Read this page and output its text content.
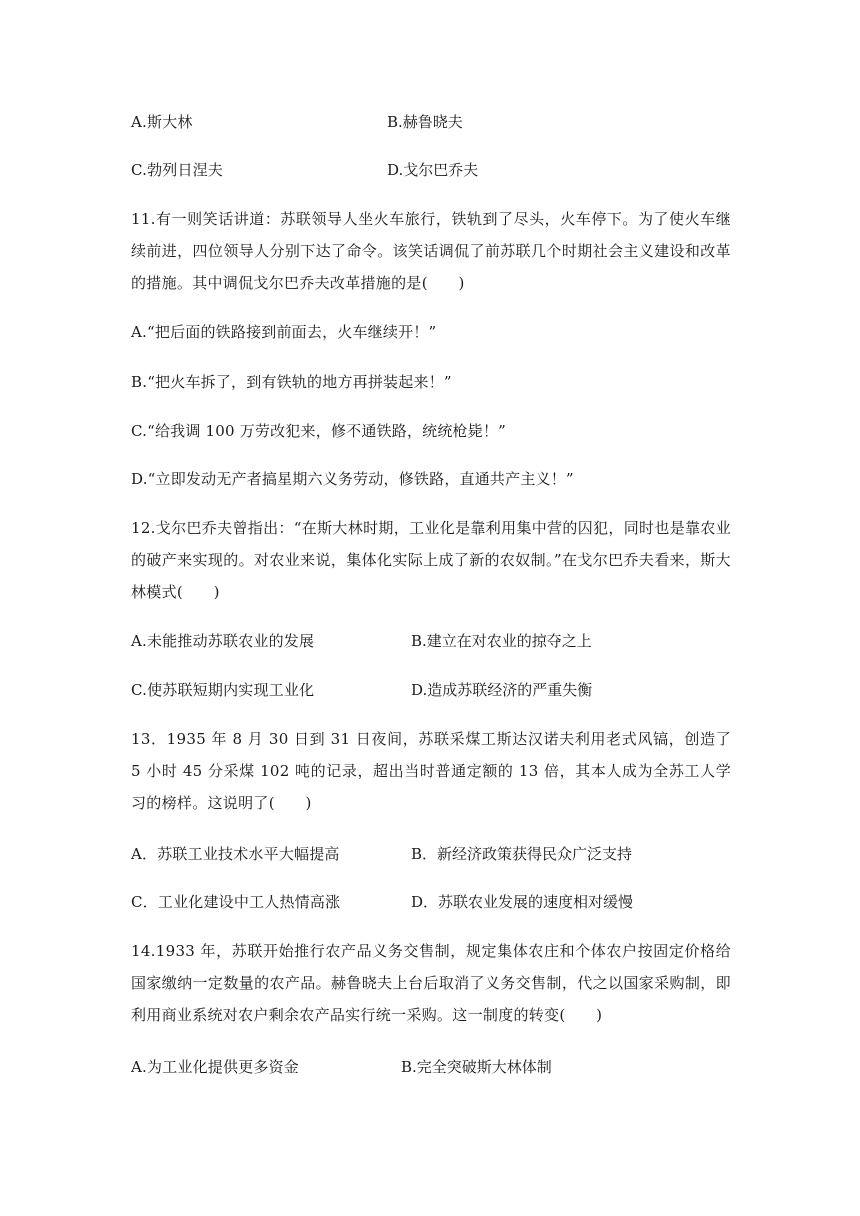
A.斯大林	B.赫鲁晓夫
C.勃列日涅夫	D.戈尔巴乔夫
11.有一则笑话讲道：苏联领导人坐火车旅行，铁轨到了尽头，火车停下。为了使火车继续前进，四位领导人分别下达了命令。该笑话调侃了前苏联几个时期社会主义建设和改革的措施。其中调侃戈尔巴乔夫改革措施的是(　　)
A.“把后面的铁路接到前面去，火车继续开！”
B.“把火车拆了，到有铁轨的地方再拼装起来！”
C.“给我调 100 万劳改犯来，修不通铁路，统统枪毙！”
D.“立即发动无产者搞星期六义务劳动，修铁路，直通共产主义！”
12.戈尔巴乔夫曾指出：“在斯大林时期，工业化是靠利用集中营的囚犯，同时也是靠农业的破产来实现的。对农业来说，集体化实际上成了新的农奴制。”在戈尔巴乔夫看来，斯大林模式(　　)
A.未能推动苏联农业的发展	B.建立在对农业的掠夺之上
C.使苏联短期内实现工业化	D.造成苏联经济的严重失衡
13．1935 年 8 月 30 日到 31 日夜间，苏联采煤工斯达汉诺夫利用老式风镐，创造了 5 小时 45 分采煤 102 吨的记录，超出当时普通定额的 13 倍，其本人成为全苏工人学习的榜样。这说明了(　　)
A．苏联工业技术水平大幅提高	B．新经济政策获得民众广泛支持
C．工业化建设中工人热情高涨	D．苏联农业发展的速度相对缓慢
14.1933 年，苏联开始推行农产品义务交售制，规定集体农庄和个体农户按固定价格给国家缴纳一定数量的农产品。赫鲁晓夫上台后取消了义务交售制，代之以国家采购制，即利用商业系统对农户剩余农产品实行统一采购。这一制度的转变(　　)
A.为工业化提供更多资金	B.完全突破斯大林体制
